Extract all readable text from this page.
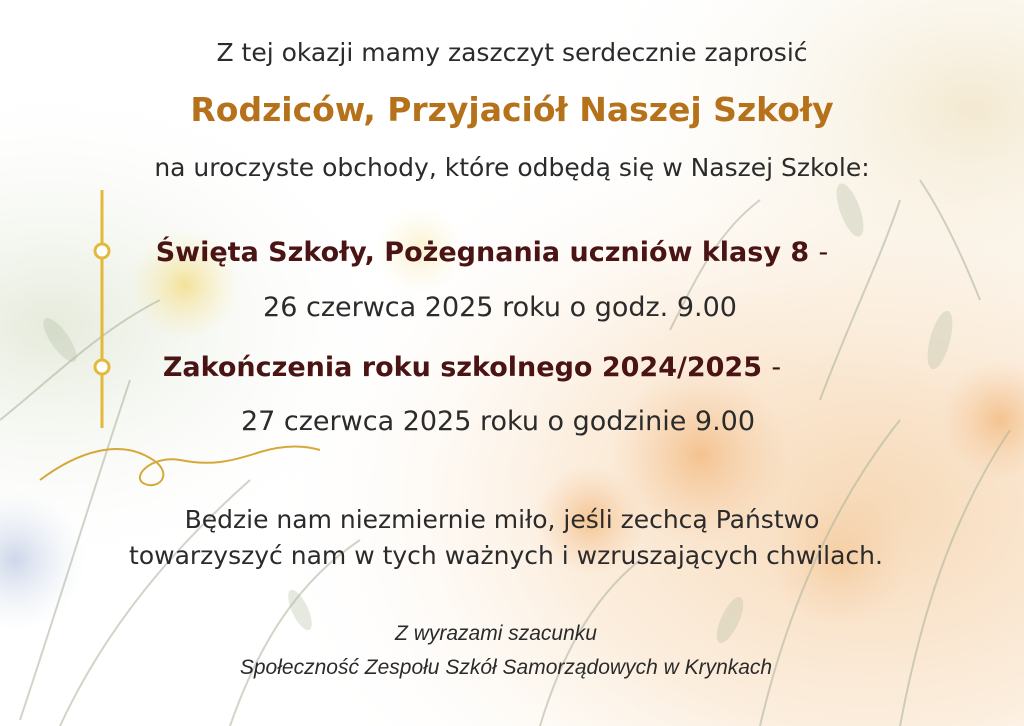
Z tej okazji mamy zaszczyt serdecznie zaprosić
Rodziców, Przyjaciół Naszej Szkoły
na uroczyste obchody, które odbędą się w Naszej Szkole:
Święta Szkoły, Pożegnania uczniów klasy 8 -
26 czerwca 2025 roku o godz. 9.00
Zakończenia roku szkolnego 2024/2025 -
27 czerwca 2025 roku o godzinie 9.00
Będzie nam niezmiernie miło, jeśli zechcą Państwo
towarzyszyć nam w tych ważnych i wzruszających chwilach.
Z wyrazami szacunku
Społeczność Zespołu Szkół Samorządowych w Krynkach
